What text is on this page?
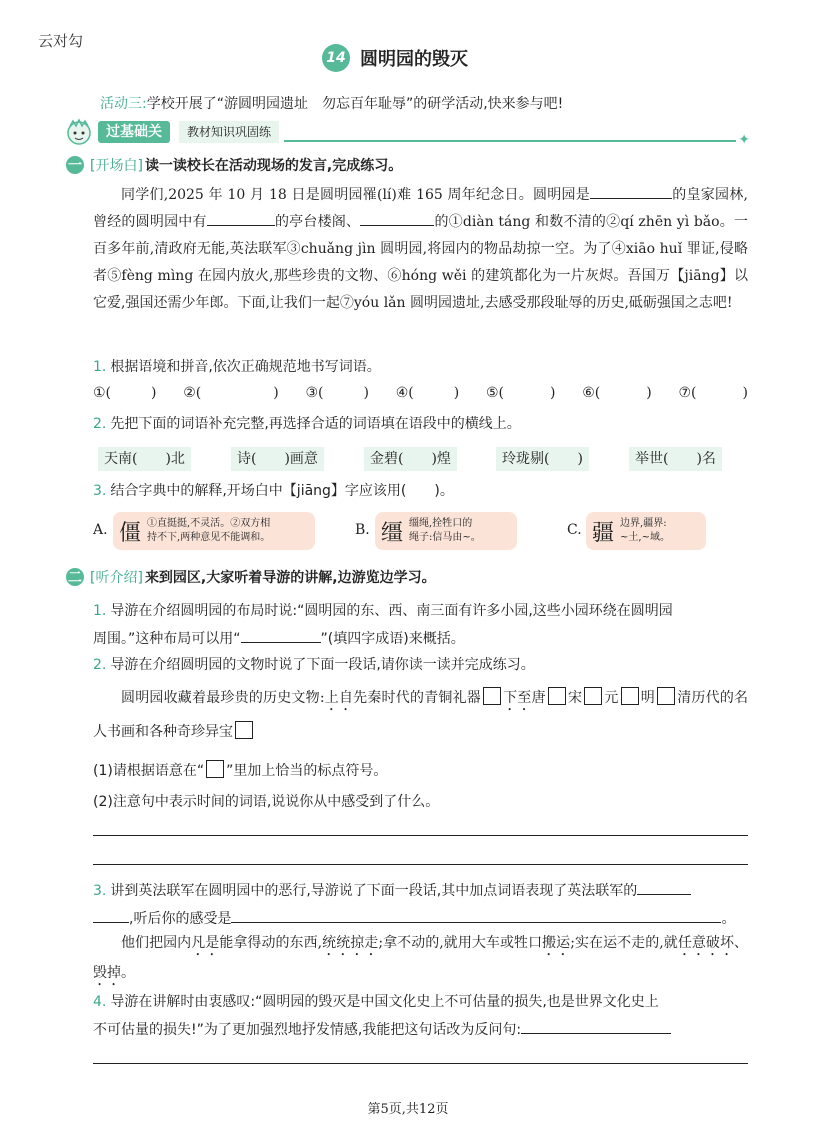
云对勾
14 圆明园的毁灭
活动三:学校开展了“游圆明园遗址　勿忘百年耻辱”的研学活动,快来参与吧!
过基础关	教材知识巩固练	✦
一 [开场白] 读一读校长在活动现场的发言,完成练习。
同学们,2025 年 10 月 18 日是圆明园罹(lí)难 165 周年纪念日。圆明园是	的皇家园林,曾经的圆明园中有	的亭台楼阁、	的①diàn táng 和数不清的②qí zhēn yì bǎo。一百多年前,清政府无能,英法联军③chuǎng jìn 圆明园,将园内的物品劫掠一空。为了④xiāo huǐ 罪证,侵略者⑤fèng mìng 在园内放火,那些珍贵的文物、⑥hóng wěi 的建筑都化为一片灰烬。吾国万【jiāng】以它爱,强国还需少年郎。下面,让我们一起⑦yóu lǎn 圆明园遗址,去感受那段耻辱的历史,砥砺强国之志吧!
1. 根据语境和拼音,依次正确规范地书写词语。
①(	) ②(	) ③(	) ④(	) ⑤(	) ⑥(	) ⑦(	)
2. 先把下面的词语补充完整,再选择合适的词语填在语段中的横线上。
天南(　　)北	诗(　　)画意	金碧(　　)煌	玲珑剔(　　)	举世(　　)名
3. 结合字典中的解释,开场白中【jiāng】字应该用(　　)。
A. 僵 ①直挺挺,不灵活。②双方相
持不下,两种意见不能调和。	B. 缰 缰绳,拴牲口的
绳子:信马由~。	C. 疆 边界,疆界:
~土,~域。
二 [听介绍] 来到园区,大家听着导游的讲解,边游览边学习。
1. 导游在介绍圆明园的布局时说:“圆明园的东、西、南三面有许多小园,这些小园环绕在圆明园
周围。”这种布局可以用“	”(填四字成语)来概括。
2. 导游在介绍圆明园的文物时说了下面一段话,请你读一读并完成练习。
圆明园收藏着最珍贵的历史文物:上自先秦时代的青铜礼器 下至唐 宋 元 明 清历代的名人书画和各种奇珍异宝
(1)请根据语意在“ ”里加上恰当的标点符号。
(2)注意句中表示时间的词语,说说你从中感受到了什么。
3. 讲到英法联军在圆明园中的恶行,导游说了下面一段话,其中加点词语表现了英法联军的
,听后你的感受是	。
他们把园内凡是能拿得动的东西,统统掠走;拿不动的,就用大车或牲口搬运;实在运不走的,就任意破坏、毁掉。
4. 导游在讲解时由衷感叹:“圆明园的毁灭是中国文化史上不可估量的损失,也是世界文化史上
不可估量的损失!”为了更加强烈地抒发情感,我能把这句话改为反问句:
第5页,共12页
